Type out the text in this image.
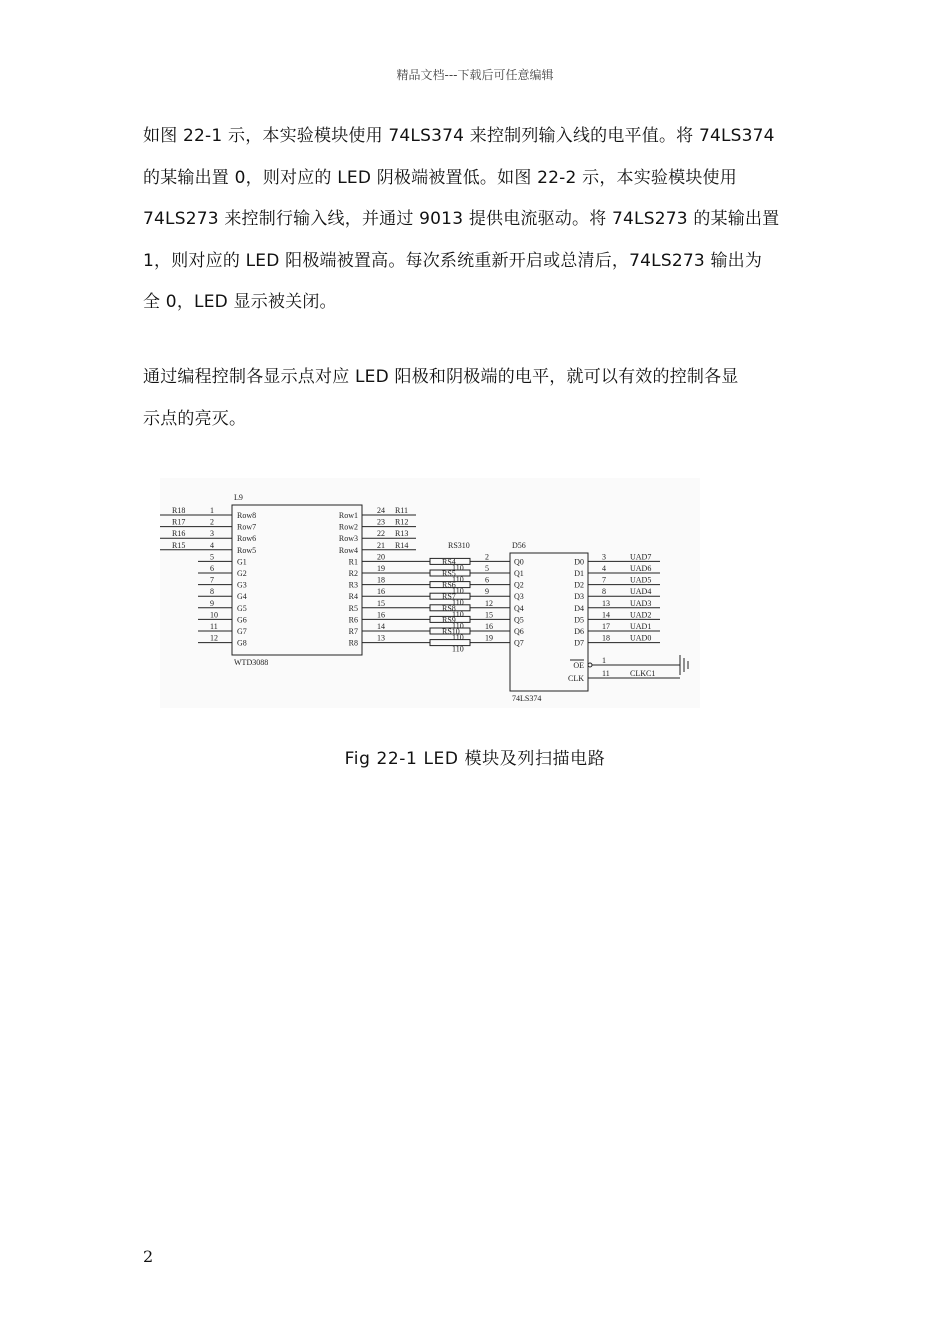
精品文档---下载后可任意编辑

如图 22-1 示，本实验模块使用 74LS374 来控制列输入线的电平值。将 74LS374
的某输出置 0，则对应的 LED 阴极端被置低。如图 22-2 示，本实验模块使用
74LS273 来控制行输入线，并通过 9013 提供电流驱动。将 74LS273 的某输出置
1，则对应的 LED 阳极端被置高。每次系统重新开启或总清后，74LS273 输出为
全 0，LED 显示被关闭。

通过编程控制各显示点对应 LED 阳极和阴极端的电平，就可以有效的控制各显
示点的亮灭。

L9
WTD3088
R18	1
Row8
R17	2
Row7
R16	3
Row6
R15	4
Row5
5
G1
6
G2
7
G3
8
G4
9
G5
10
G6
11
G7
12
G8
Row1
24 R11
Row2
23 R12
Row3
22 R13
Row4
21 R14
R1
20
R2
19
R3
18
R4
16
R5
15
R6
16
R7
14
R8
13
RS310
RS4
110
RS5
110
RS6
110
RS7
110
RS8
110
RS9
110
RS10
110
110
D56
74LS374
2
Q0
5
Q1
6
Q2
9
Q3
12
Q4
15
Q5
16
Q6
19
Q7
D0
3	UAD7
D1
4	UAD6
D2
7	UAD5
D3
8	UAD4
D4
13	UAD3
D5
14	UAD2
D6
17	UAD1
D7
18	UAD0
OE
1
CLK
11	CLKC1
Fig 22-1 LED 模块及列扫描电路
2
